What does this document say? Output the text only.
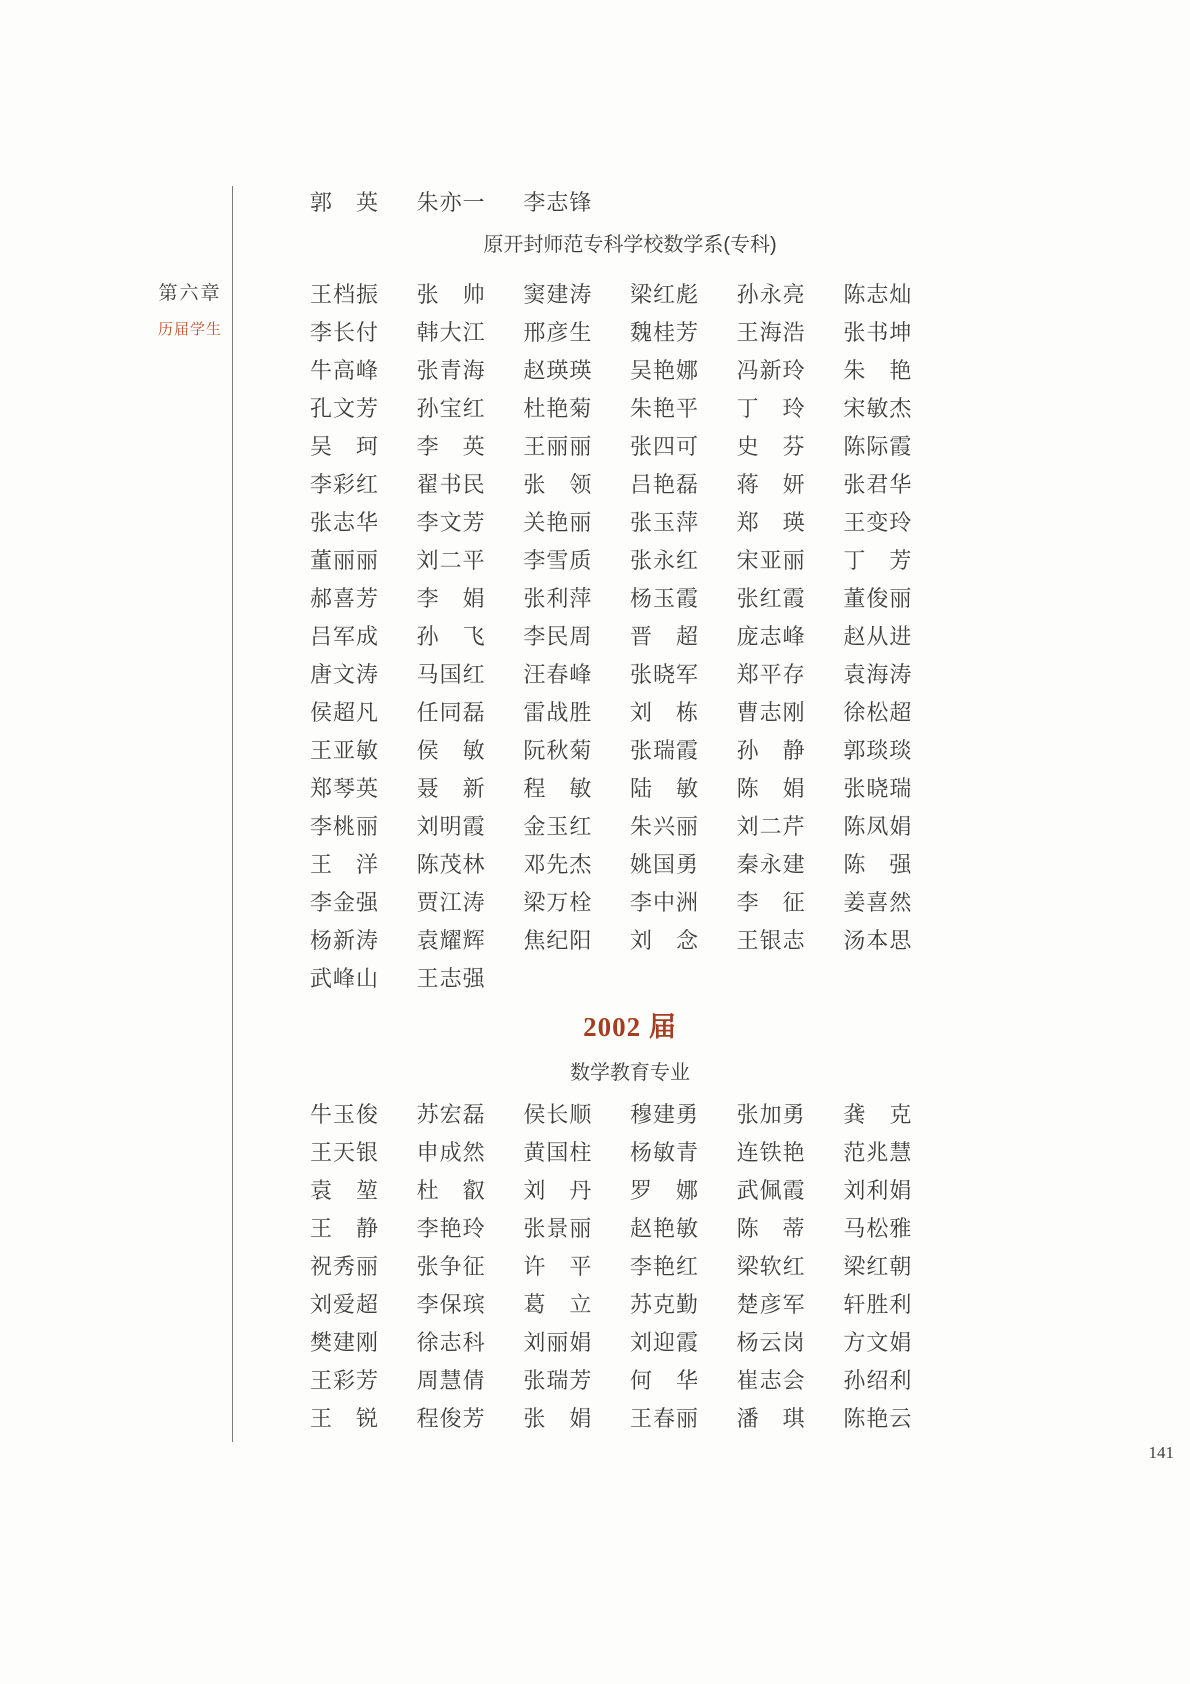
第六章
历届学生
郭　英	朱亦一	李志锋
原开封师范专科学校数学系(专科)
王档振	张　帅	窦建涛	梁红彪	孙永亮	陈志灿
李长付	韩大江	邢彦生	魏桂芳	王海浩	张书坤
牛高峰	张青海	赵瑛瑛	吴艳娜	冯新玲	朱　艳
孔文芳	孙宝红	杜艳菊	朱艳平	丁　玲	宋敏杰
吴　珂	李　英	王丽丽	张四可	史　芬	陈际霞
李彩红	翟书民	张　领	吕艳磊	蒋　妍	张君华
张志华	李文芳	关艳丽	张玉萍	郑　瑛	王变玲
董丽丽	刘二平	李雪质	张永红	宋亚丽	丁　芳
郝喜芳	李　娟	张利萍	杨玉霞	张红霞	董俊丽
吕军成	孙　飞	李民周	晋　超	庞志峰	赵从进
唐文涛	马国红	汪春峰	张晓军	郑平存	袁海涛
侯超凡	任同磊	雷战胜	刘　栋	曹志刚	徐松超
王亚敏	侯　敏	阮秋菊	张瑞霞	孙　静	郭琰琰
郑琴英	聂　新	程　敏	陆　敏	陈　娟	张晓瑞
李桃丽	刘明霞	金玉红	朱兴丽	刘二芹	陈凤娟
王　洋	陈茂林	邓先杰	姚国勇	秦永建	陈　强
李金强	贾江涛	梁万栓	李中洲	李　征	姜喜然
杨新涛	袁耀辉	焦纪阳	刘　念	王银志	汤本思
武峰山	王志强
2002 届
数学教育专业
牛玉俊	苏宏磊	侯长顺	穆建勇	张加勇	龚　克
王天银	申成然	黄国柱	杨敏青	连铁艳	范兆慧
袁　堃	杜　叡	刘　丹	罗　娜	武佩霞	刘利娟
王　静	李艳玲	张景丽	赵艳敏	陈　蒂	马松雅
祝秀丽	张争征	许　平	李艳红	梁软红	梁红朝
刘爱超	李保瑸	葛　立	苏克勤	楚彦军	轩胜利
樊建刚	徐志科	刘丽娟	刘迎霞	杨云岗	方文娟
王彩芳	周慧倩	张瑞芳	何　华	崔志会	孙绍利
王　锐	程俊芳	张　娟	王春丽	潘　琪	陈艳云
141
